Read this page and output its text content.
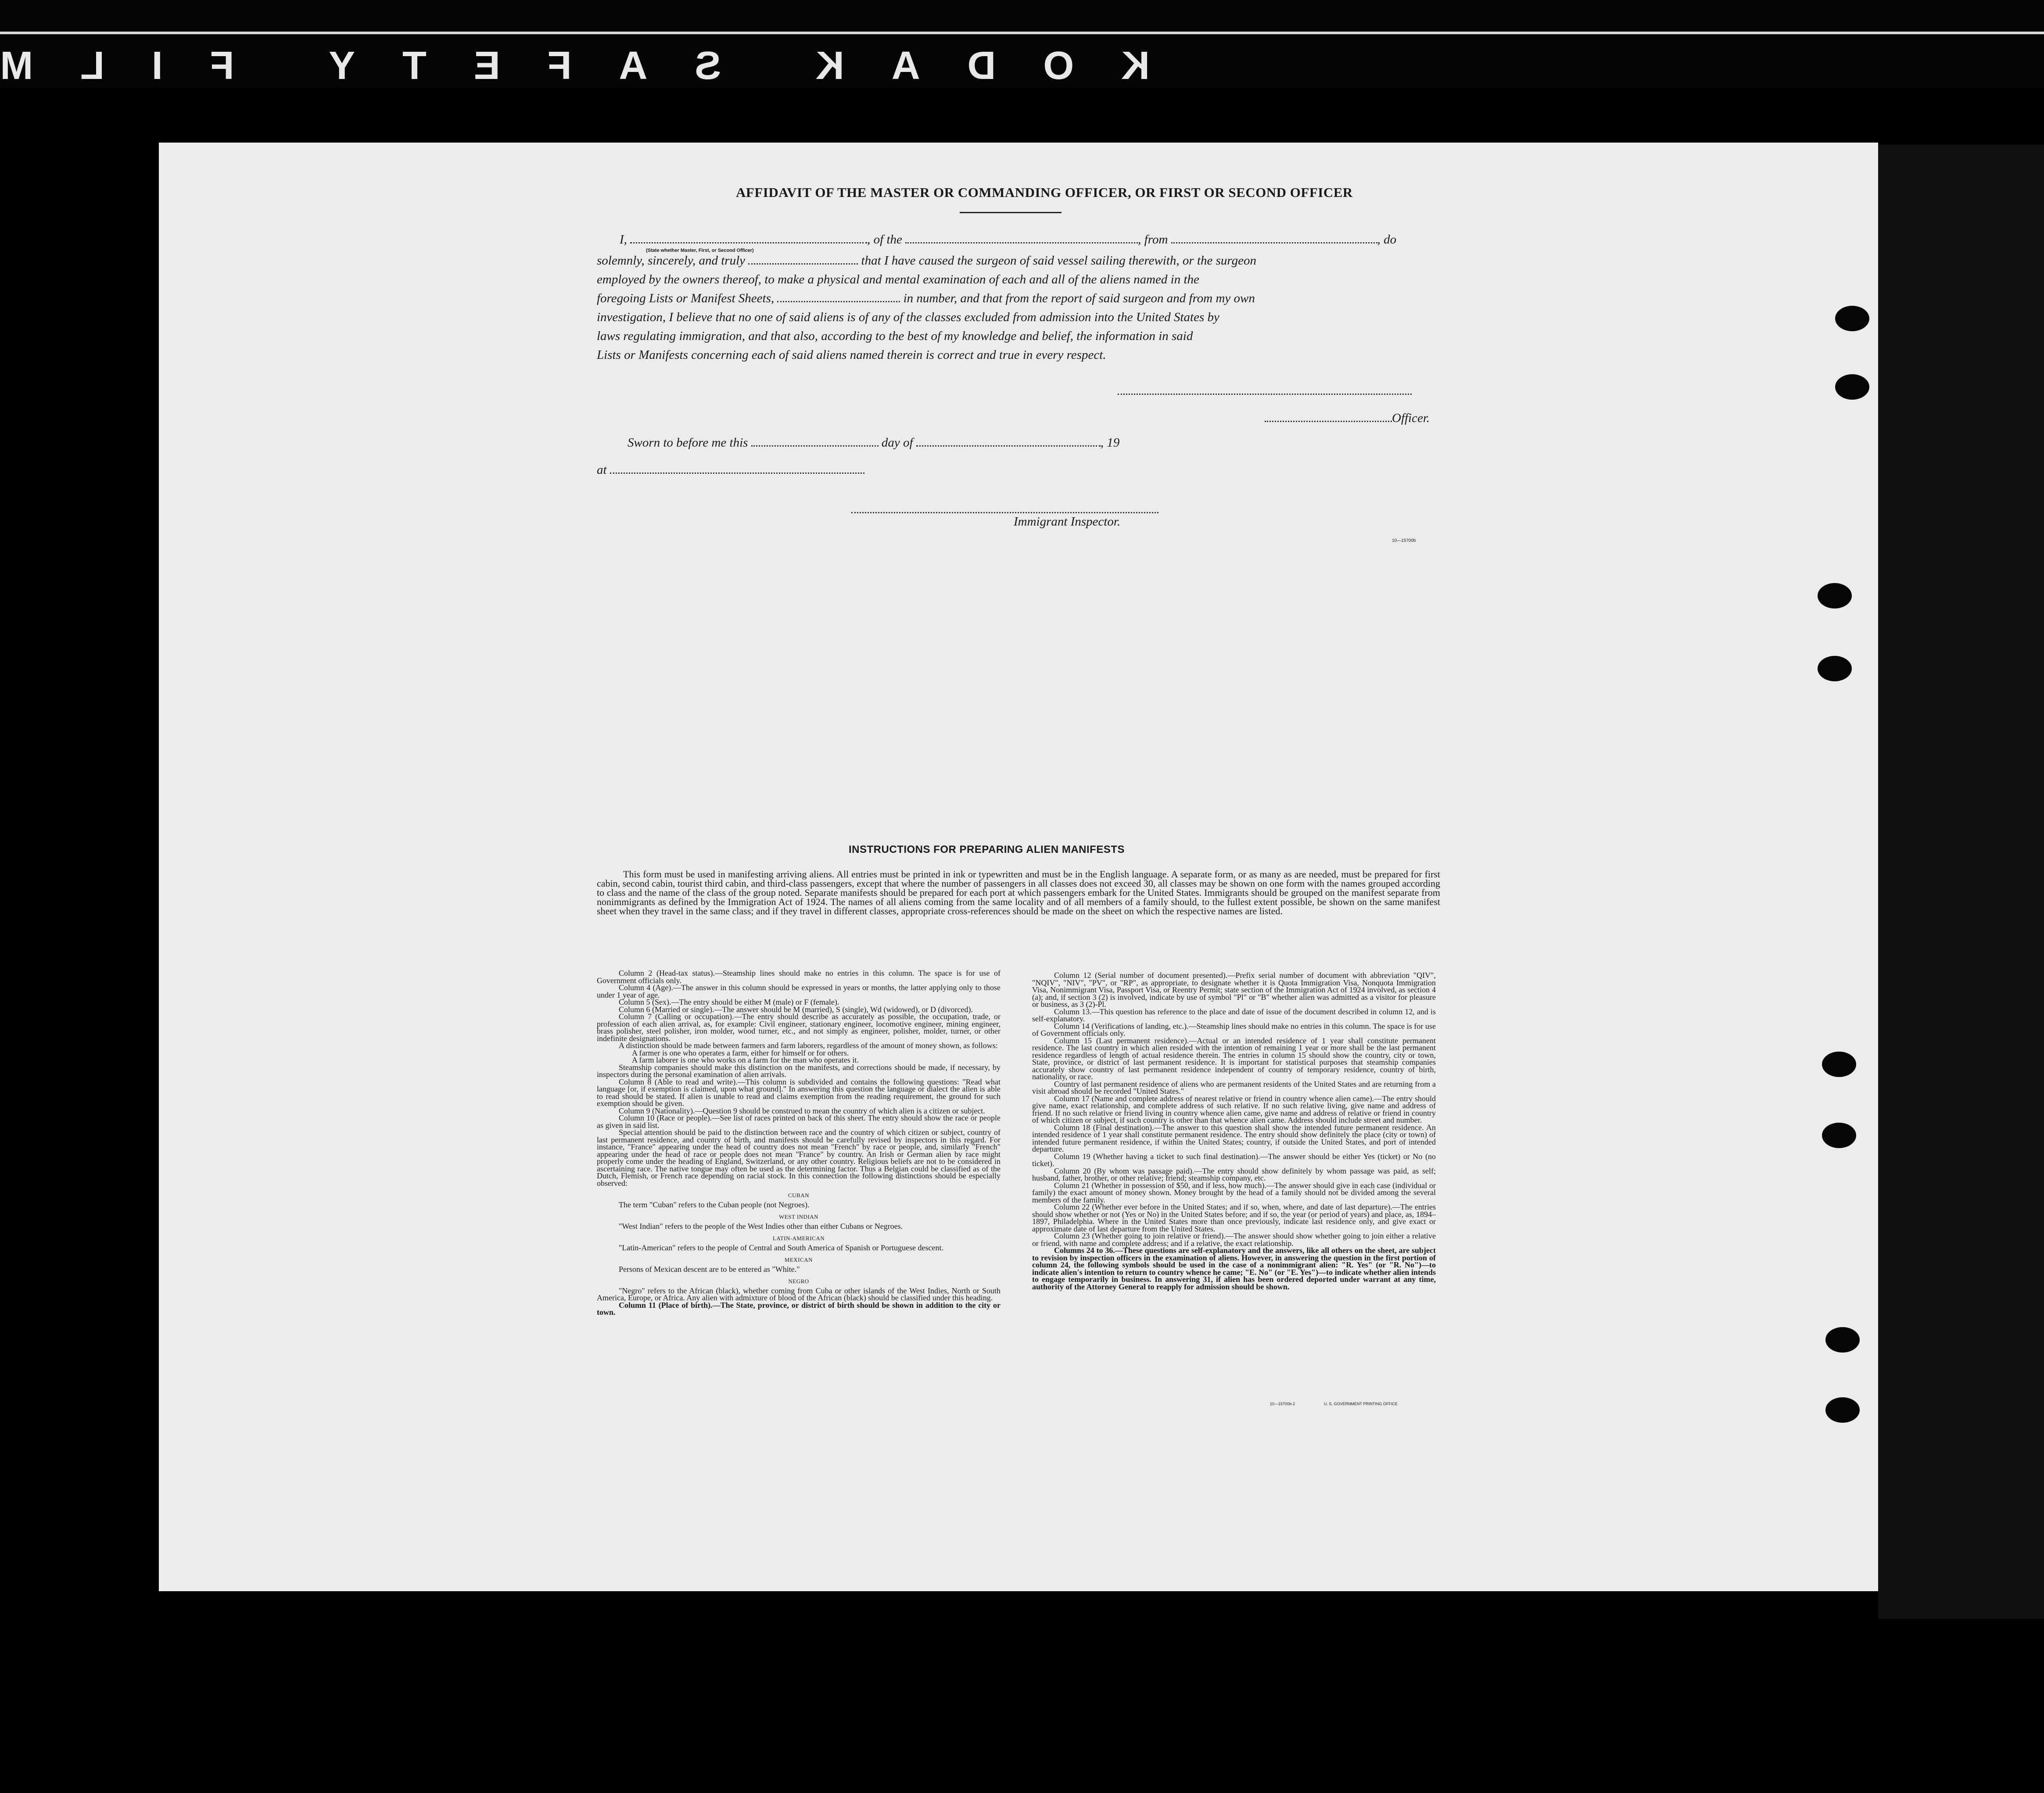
K
O
D
A
K
S
A
F
E
T
Y
F
I
L
M
AFFIDAVIT OF THE MASTER OR COMMANDING OFFICER, OR FIRST OR SECOND OFFICER
I,	, of the	, from	, do
(State whether Master, First, or Second Officer)
solemnly, sincerely, and truly	that I have caused the surgeon of said vessel sailing therewith, or the surgeon
employed by the owners thereof, to make a physical and mental examination of each and all of the aliens named in the
foregoing Lists or Manifest Sheets,	in number, and that from the report of said surgeon and from my own
investigation, I believe that no one of said aliens is of any of the classes excluded from admission into the United States by
laws regulating immigration, and that also, according to the best of my knowledge and belief, the information in said
Lists or Manifests concerning each of said aliens named therein is correct and true in every respect.
Officer.
Sworn to before me this	day of	, 19
at
Immigrant Inspector.
10—15700b
INSTRUCTIONS FOR PREPARING ALIEN MANIFESTS
This form must be used in manifesting arriving aliens. All entries must be printed in ink or typewritten and must be in the English language. A separate form, or as many as are needed, must be prepared for first cabin, second cabin, tourist third cabin, and third-class passengers, except that where the number of passengers in all classes does not exceed 30, all classes may be shown on one form with the names grouped according to class and the name of the class of the group noted. Separate manifests should be prepared for each port at which passengers embark for the United States. Immigrants should be grouped on the manifest separate from nonimmigrants as defined by the Immigration Act of 1924. The names of all aliens coming from the same locality and of all members of a family should, to the fullest extent possible, be shown on the same manifest sheet when they travel in the same class; and if they travel in different classes, appropriate cross-references should be made on the sheet on which the respective names are listed.

Column 2 (Head-tax status).—Steamship lines should make no entries in this column. The space is for use of Government officials only.

Column 4 (Age).—The answer in this column should be expressed in years or months, the latter applying only to those under 1 year of age.

Column 5 (Sex).—The entry should be either M (male) or F (female).

Column 6 (Married or single).—The answer should be M (married), S (single), Wd (widowed), or D (divorced).

Column 7 (Calling or occupation).—The entry should describe as accurately as possible, the occupation, trade, or profession of each alien arrival, as, for example: Civil engineer, stationary engineer, locomotive engineer, mining engineer, brass polisher, steel polisher, iron molder, wood turner, etc., and not simply as engineer, polisher, molder, turner, or other indefinite designations.

A distinction should be made between farmers and farm laborers, regardless of the amount of money shown, as follows:

A farmer is one who operates a farm, either for himself or for others.

A farm laborer is one who works on a farm for the man who operates it.

Steamship companies should make this distinction on the manifests, and corrections should be made, if necessary, by inspectors during the personal examination of alien arrivals.

Column 8 (Able to read and write).—This column is subdivided and contains the following questions: "Read what language [or, if exemption is claimed, upon what ground]." In answering this question the language or dialect the alien is able to read should be stated. If alien is unable to read and claims exemption from the reading requirement, the ground for such exemption should be given.

Column 9 (Nationality).—Question 9 should be construed to mean the country of which alien is a citizen or subject.

Column 10 (Race or people).—See list of races printed on back of this sheet. The entry should show the race or people as given in said list.

Special attention should be paid to the distinction between race and the country of which citizen or subject, country of last permanent residence, and country of birth, and manifests should be carefully revised by inspectors in this regard. For instance, "France" appearing under the head of country does not mean "French" by race or people, and, similarly "French" appearing under the head of race or people does not mean "France" by country. An Irish or German alien by race might properly come under the heading of England, Switzerland, or any other country. Religious beliefs are not to be considered in ascertaining race. The native tongue may often be used as the determining factor. Thus a Belgian could be classified as of the Dutch, Flemish, or French race depending on racial stock. In this connection the following distinctions should be especially observed:

CUBAN

The term "Cuban" refers to the Cuban people (not Negroes).

WEST INDIAN

"West Indian" refers to the people of the West Indies other than either Cubans or Negroes.

LATIN-AMERICAN

"Latin-American" refers to the people of Central and South America of Spanish or Portuguese descent.

MEXICAN

Persons of Mexican descent are to be entered as "White."

NEGRO

"Negro" refers to the African (black), whether coming from Cuba or other islands of the West Indies, North or South America, Europe, or Africa. Any alien with admixture of blood of the African (black) should be classified under this heading.

Column 11 (Place of birth).—The State, province, or district of birth should be shown in addition to the city or town.

Column 12 (Serial number of document presented).—Prefix serial number of document with abbreviation "QIV", "NQIV", "NIV", "PV", or "RP", as appropriate, to designate whether it is Quota Immigration Visa, Nonquota Immigration Visa, Nonimmigrant Visa, Passport Visa, or Reentry Permit; state section of the Immigration Act of 1924 involved, as section 4 (a); and, if section 3 (2) is involved, indicate by use of symbol "Pl" or "B" whether alien was admitted as a visitor for pleasure or business, as 3 (2)-Pl.

Column 13.—This question has reference to the place and date of issue of the document described in column 12, and is self-explanatory.

Column 14 (Verifications of landing, etc.).—Steamship lines should make no entries in this column. The space is for use of Government officials only.

Column 15 (Last permanent residence).—Actual or an intended residence of 1 year shall constitute permanent residence. The last country in which alien resided with the intention of remaining 1 year or more shall be the last permanent residence regardless of length of actual residence therein. The entries in column 15 should show the country, city or town, State, province, or district of last permanent residence. It is important for statistical purposes that steamship companies accurately show country of last permanent residence independent of country of temporary residence, country of birth, nationality, or race.

Country of last permanent residence of aliens who are permanent residents of the United States and are returning from a visit abroad should be recorded "United States."

Column 17 (Name and complete address of nearest relative or friend in country whence alien came).—The entry should give name, exact relationship, and complete address of such relative. If no such relative living, give name and address of friend. If no such relative or friend living in country whence alien came, give name and address of relative or friend in country of which citizen or subject, if such country is other than that whence alien came. Address should include street and number.

Column 18 (Final destination).—The answer to this question shall show the intended future permanent residence. An intended residence of 1 year shall constitute permanent residence. The entry should show definitely the place (city or town) of intended future permanent residence, if within the United States; country, if outside the United States, and port of intended departure.

Column 19 (Whether having a ticket to such final destination).—The answer should be either Yes (ticket) or No (no ticket).

Column 20 (By whom was passage paid).—The entry should show definitely by whom passage was paid, as self; husband, father, brother, or other relative; friend; steamship company, etc.

Column 21 (Whether in possession of $50, and if less, how much).—The answer should give in each case (individual or family) the exact amount of money shown. Money brought by the head of a family should not be divided among the several members of the family.

Column 22 (Whether ever before in the United States; and if so, when, where, and date of last departure).—The entries should show whether or not (Yes or No) in the United States before; and if so, the year (or period of years) and place, as, 1894–1897, Philadelphia. Where in the United States more than once previously, indicate last residence only, and give exact or approximate date of last departure from the United States.

Column 23 (Whether going to join relative or friend).—The answer should show whether going to join either a relative or friend, with name and complete address; and if a relative, the exact relationship.

Columns 24 to 36.—These questions are self-explanatory and the answers, like all others on the sheet, are subject to revision by inspection officers in the examination of aliens. However, in answering the question in the first portion of column 24, the following symbols should be used in the case of a nonimmigrant alien: "R. Yes" (or "R. No")—to indicate alien's intention to return to country whence he came; "E. No" (or "E. Yes")—to indicate whether alien intends to engage temporarily in business. In answering 31, if alien has been ordered deported under warrant at any time, authority of the Attorney General to reapply for admission should be shown.

10—15700b-2	U. S. GOVERNMENT PRINTING OFFICE
